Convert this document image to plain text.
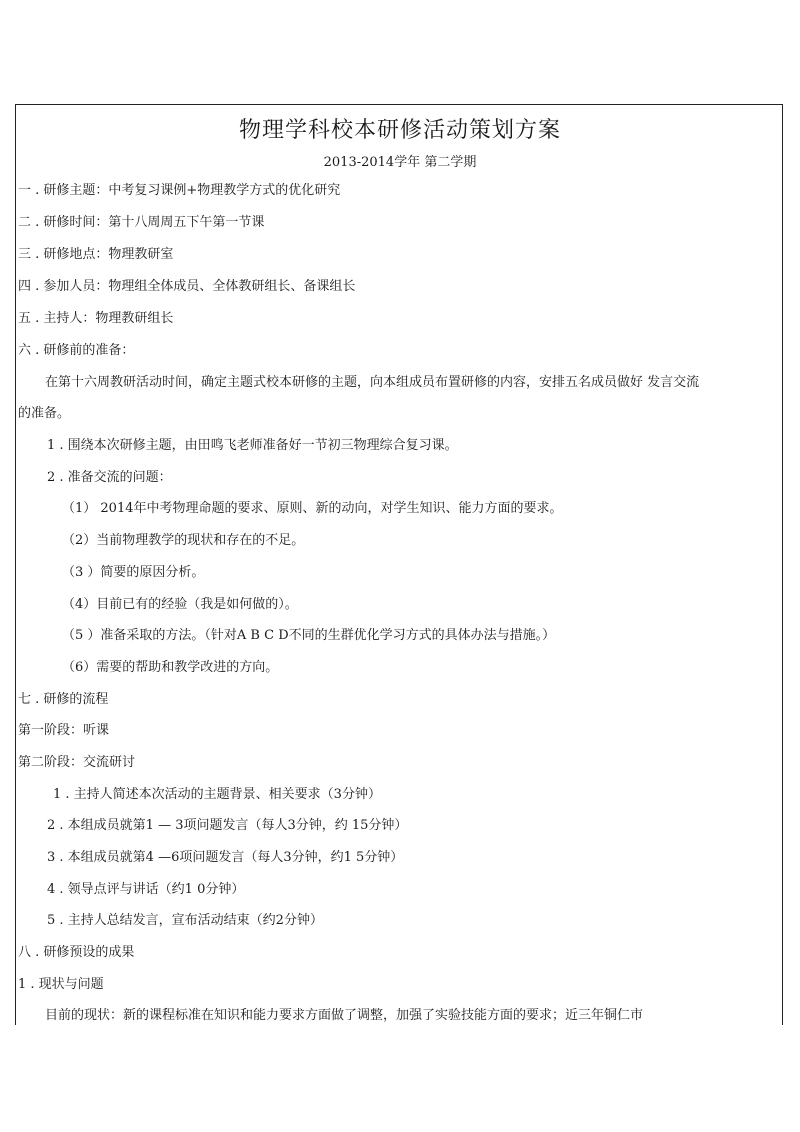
物理学科校本研修活动策划方案
2013-2014学年 第二学期
一 . 研修主题：中考复习课例+物理教学方式的优化研究
二 . 研修时间：第十八周周五下午第一节课
三 . 研修地点：物理教研室
四 . 参加人员：物理组全体成员、全体教研组长、备课组长
五 . 主持人：物理教研组长
六 . 研修前的准备：
在第十六周教研活动时间，确定主题式校本研修的主题，向本组成员布置研修的内容，安排五名成员做好 发言交流
的准备。
1 . 围绕本次研修主题，由田鸣飞老师准备好一节初三物理综合复习课。
2 . 准备交流的问题：
（1） 2014年中考物理命题的要求、原则、新的动向，对学生知识、能力方面的要求。
（2）当前物理教学的现状和存在的不足。
（3 ）简要的原因分析。
（4）目前已有的经验（我是如何做的）。
（5 ）准备采取的方法。（针对A B C D不同的生群优化学习方式的具体办法与措施。）
（6）需要的帮助和教学改进的方向。
七 . 研修的流程
第一阶段：听课
第二阶段：交流研讨
1 . 主持人简述本次活动的主题背景、相关要求（3分钟）
2 . 本组成员就第1 — 3项问题发言（每人3分钟，约 15分钟）
3 . 本组成员就第4 —6项问题发言（每人3分钟，约1 5分钟）
4 . 领导点评与讲话（约1 0分钟）
5 . 主持人总结发言，宣布活动结束（约2分钟）
八 . 研修预设的成果
1 . 现状与问题
目前的现状：新的课程标准在知识和能力要求方面做了调整，加强了实验技能方面的要求；近三年铜仁市
